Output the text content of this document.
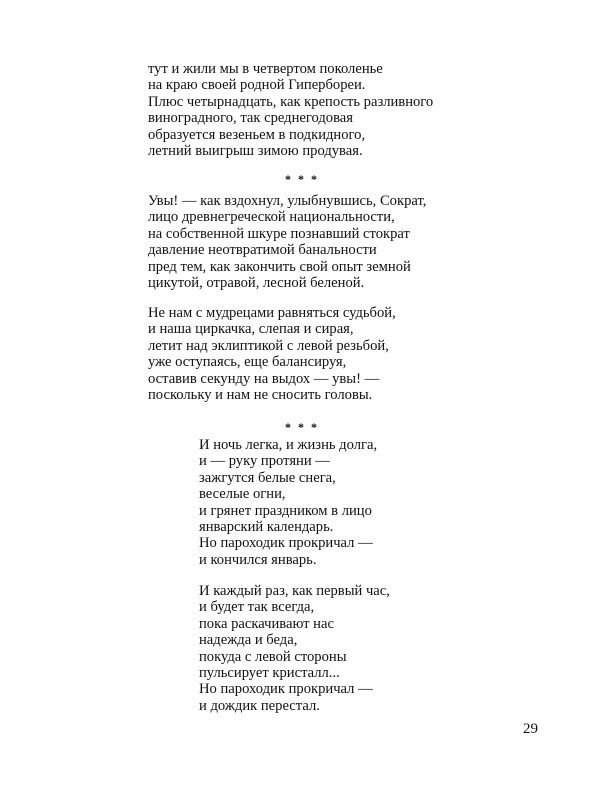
тут и жили мы в четвертом поколенье
на краю своей родной Гипербореи.
Плюс четырнадцать, как крепость разливного
виноградного, так среднегодовая
образуется везеньем в подкидного,
летний выигрыш зимою продувая.
* * *
Увы! — как вздохнул, улыбнувшись, Сократ,
лицо древнегреческой национальности,
на собственной шкуре познавший стократ
давление неотвратимой банальности
пред тем, как закончить свой опыт земной
цикутой, отравой, лесной беленой.
Не нам с мудрецами равняться судьбой,
и наша циркачка, слепая и сирая,
летит над эклиптикой с левой резьбой,
уже оступаясь, еще балансируя,
оставив секунду на выдох — увы! —
поскольку и нам не сносить головы.
* * *
И ночь легка, и жизнь долга,
и — руку протяни —
зажгутся белые снега,
веселые огни,
и грянет праздником в лицо
январский календарь.
Но пароходик прокричал —
и кончился январь.
И каждый раз, как первый час,
и будет так всегда,
пока раскачивают нас
надежда и беда,
покуда с левой стороны
пульсирует кристалл...
Но пароходик прокричал —
и дождик перестал.
29
